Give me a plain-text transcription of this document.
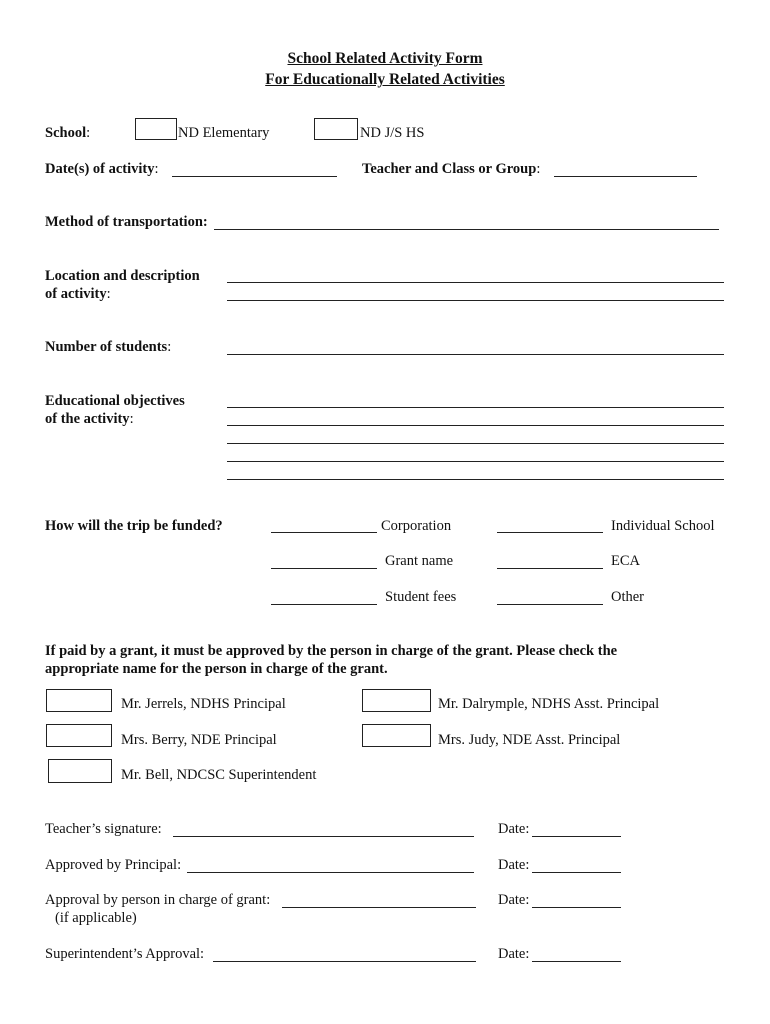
School Related Activity Form
For Educationally Related Activities
School:	ND Elementary	ND J/S HS
Date(s) of activity:	Teacher and Class or Group:
Method of transportation:
Location and description
of activity:
Number of students:
Educational objectives
of the activity:
How will the trip be funded?	Corporation	Individual School
Grant name	ECA
Student fees	Other
If paid by a grant, it must be approved by the person in charge of the grant. Please check the
appropriate name for the person in charge of the grant.
Mr. Jerrels, NDHS Principal	Mr. Dalrymple, NDHS Asst. Principal
Mrs. Berry, NDE Principal	Mrs. Judy, NDE Asst. Principal
Mr. Bell, NDCSC Superintendent
Teacher’s signature:	Date:
Approved by Principal:	Date:
Approval by person in charge of grant:	Date:
(if applicable)
Superintendent’s Approval:	Date:
